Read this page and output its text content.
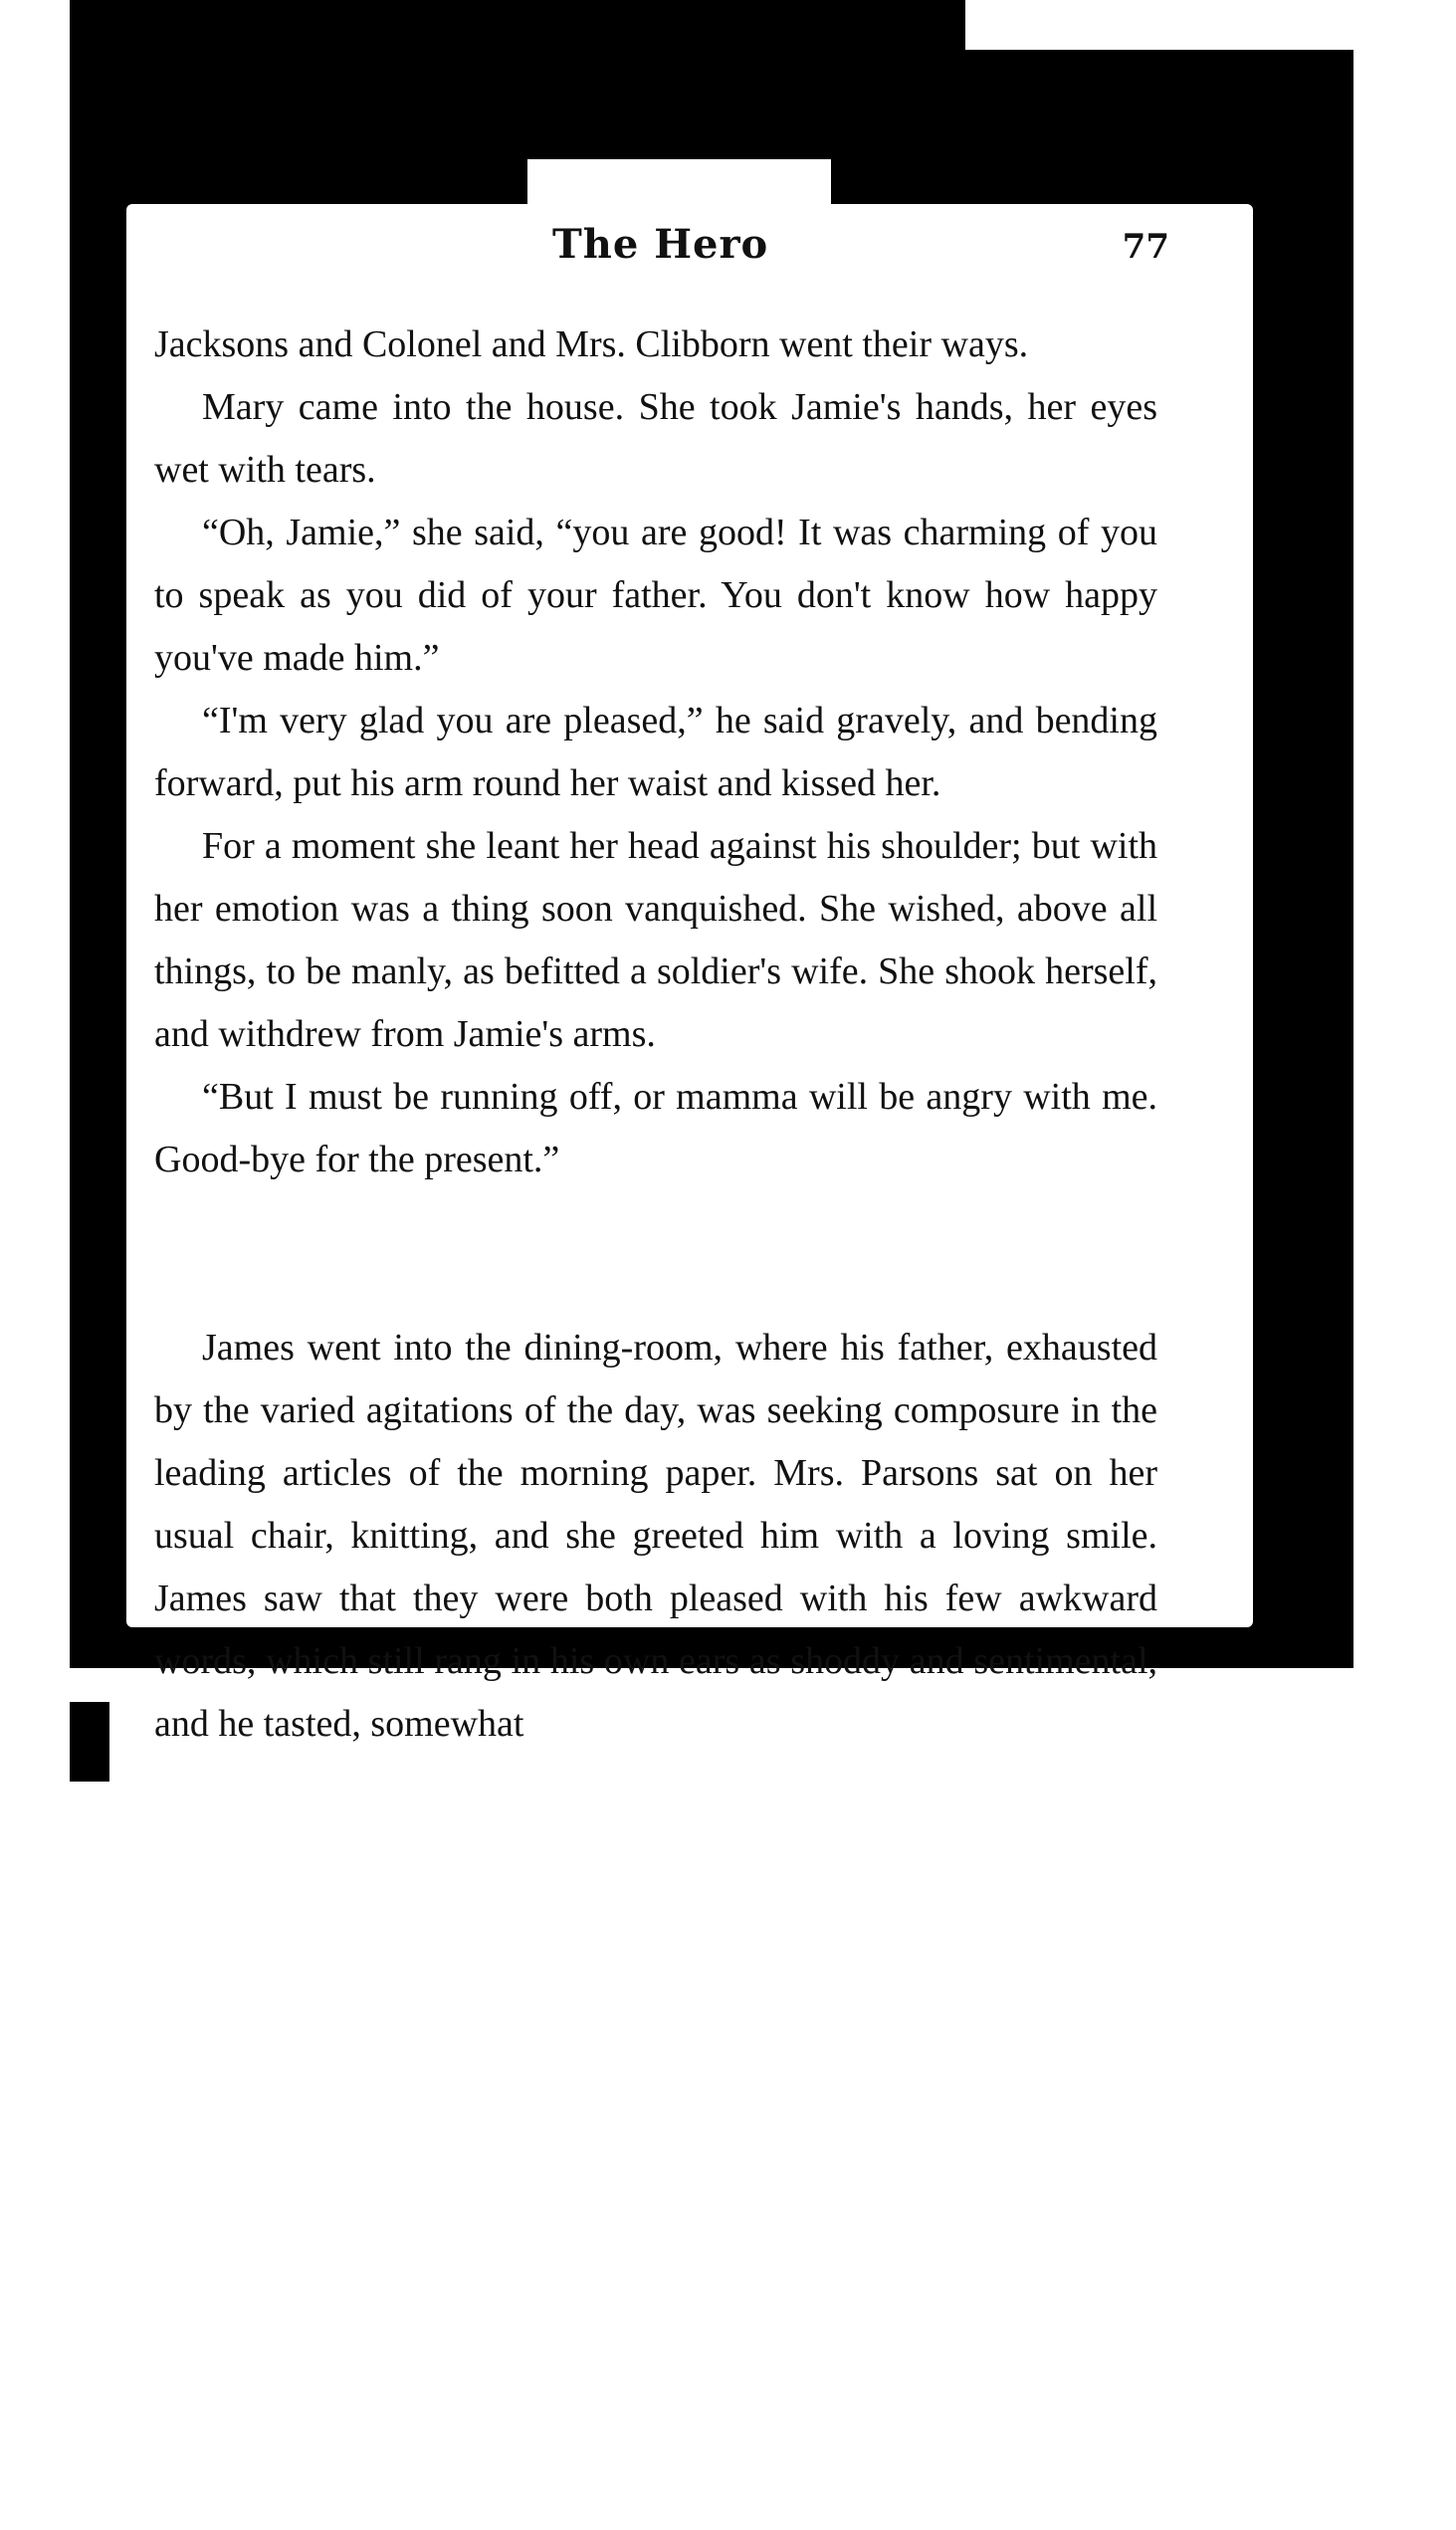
The Hero	77

Jacksons and Colonel and Mrs. Clibborn went their ways.

Mary came into the house. She took Jamie's hands, her eyes wet with tears.

“Oh, Jamie,” she said, “you are good! It was charming of you to speak as you did of your father. You don't know how happy you've made him.”

“I'm very glad you are pleased,” he said gravely, and bending forward, put his arm round her waist and kissed her.

For a moment she leant her head against his shoulder; but with her emotion was a thing soon vanquished. She wished, above all things, to be manly, as befitted a soldier's wife. She shook herself, and withdrew from Jamie's arms.

“But I must be running off, or mamma will be angry with me. Good-bye for the present.”

James went into the dining-room, where his father, exhausted by the varied agitations of the day, was seeking composure in the leading articles of the morning paper. Mrs. Parsons sat on her usual chair, knitting, and she greeted him with a loving smile. James saw that they were both pleased with his few awkward words, which still rang in his own ears as shoddy and sentimental, and he tasted, somewhat
